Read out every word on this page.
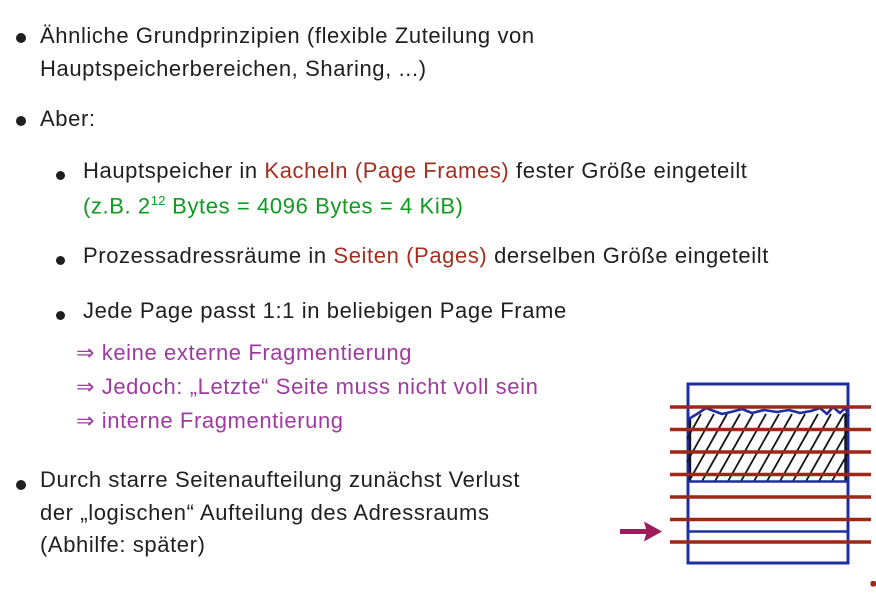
Ähnliche Grundprinzipien (flexible Zuteilung von
Hauptspeicherbereichen, Sharing, ...)
Aber:
Hauptspeicher in Kacheln (Page Frames) fester Größe eingeteilt
(z.B. $2^{12}$ Bytes = 4096 Bytes = 4 KiB)
Prozessadressräume in Seiten (Pages) derselben Größe eingeteilt
Jede Page passt 1:1 in beliebigen Page Frame
⇒ keine externe Fragmentierung
⇒ Jedoch: „Letzte“ Seite muss nicht voll sein
⇒ interne Fragmentierung
Durch starre Seitenaufteilung zunächst Verlust
der „logischen“ Aufteilung des Adressraums
(Abhilfe: später)
